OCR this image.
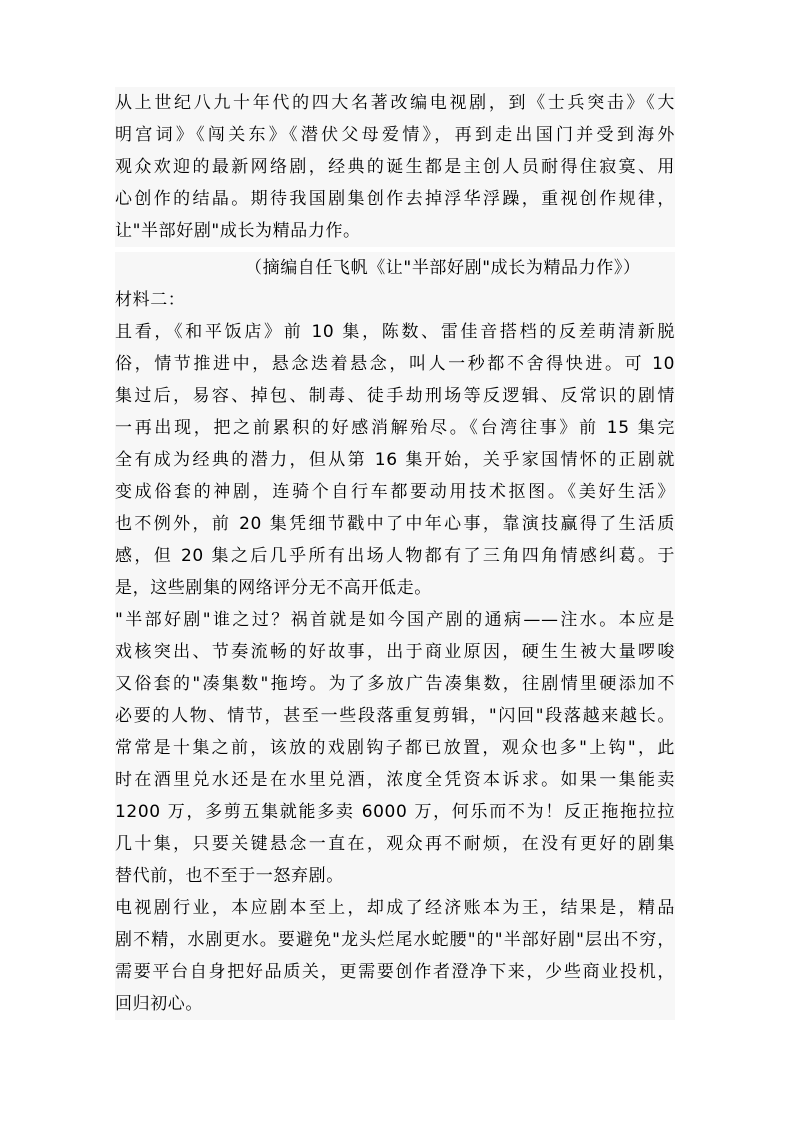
从上世纪八九十年代的四大名著改编电视剧，到《士兵突击》《大
明宫词》《闯关东》《潜伏父母爱情》，再到走出国门并受到海外
观众欢迎的最新网络剧，经典的诞生都是主创人员耐得住寂寞、用
心创作的结晶。期待我国剧集创作去掉浮华浮躁，重视创作规律，
让"半部好剧"成长为精品力作。
（摘编自任飞帆《让"半部好剧"成长为精品力作》）
材料二：
且看，《和平饭店》前 10 集，陈数、雷佳音搭档的反差萌清新脱
俗，情节推进中，悬念迭着悬念，叫人一秒都不舍得快进。可 10
集过后，易容、掉包、制毒、徒手劫刑场等反逻辑、反常识的剧情
一再出现，把之前累积的好感消解殆尽。《台湾往事》前 15 集完
全有成为经典的潜力，但从第 16 集开始，关乎家国情怀的正剧就
变成俗套的神剧，连骑个自行车都要动用技术抠图。《美好生活》
也不例外，前 20 集凭细节戳中了中年心事，靠演技赢得了生活质
感，但 20 集之后几乎所有出场人物都有了三角四角情感纠葛。于
是，这些剧集的网络评分无不高开低走。
"半部好剧"谁之过？祸首就是如今国产剧的通病——注水。本应是
戏核突出、节奏流畅的好故事，出于商业原因，硬生生被大量啰唆
又俗套的"凑集数"拖垮。为了多放广告凑集数，往剧情里硬添加不
必要的人物、情节，甚至一些段落重复剪辑，"闪回"段落越来越长。
常常是十集之前，该放的戏剧钩子都已放置，观众也多"上钩"，此
时在酒里兑水还是在水里兑酒，浓度全凭资本诉求。如果一集能卖
1200 万，多剪五集就能多卖 6000 万，何乐而不为！反正拖拖拉拉
几十集，只要关键悬念一直在，观众再不耐烦，在没有更好的剧集
替代前，也不至于一怒弃剧。
电视剧行业，本应剧本至上，却成了经济账本为王，结果是，精品
剧不精，水剧更水。要避免"龙头烂尾水蛇腰"的"半部好剧"层出不穷，
需要平台自身把好品质关，更需要创作者澄净下来，少些商业投机，
回归初心。
